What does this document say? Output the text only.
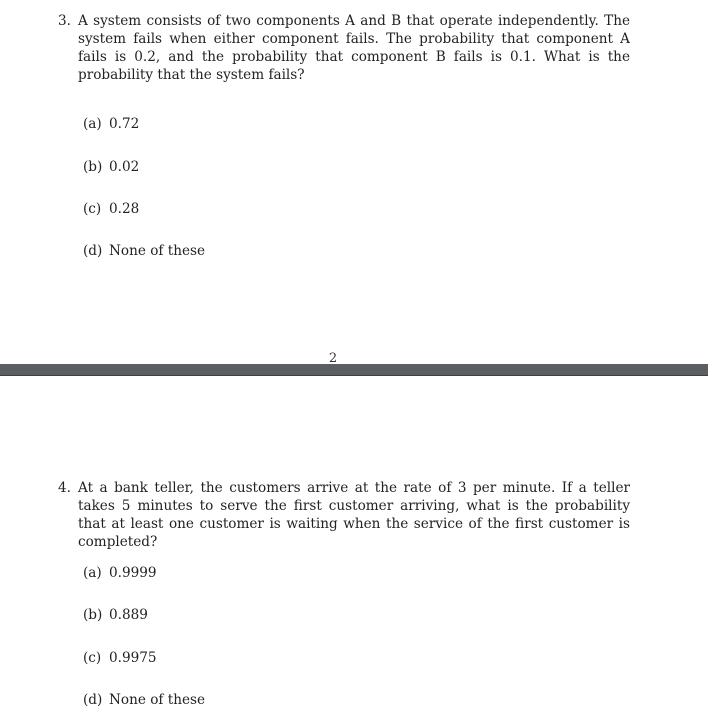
3. A system consists of two components A and B that operate independently. The system fails when either component fails. The probability that component A fails is 0.2, and the probability that component B fails is 0.1. What is the probability that the system fails?
(a) 0.72
(b) 0.02
(c) 0.28
(d) None of these
2
4. At a bank teller, the customers arrive at the rate of 3 per minute. If a teller takes 5 minutes to serve the first customer arriving, what is the probability that at least one customer is waiting when the service of the first customer is completed?
(a) 0.9999
(b) 0.889
(c) 0.9975
(d) None of these
